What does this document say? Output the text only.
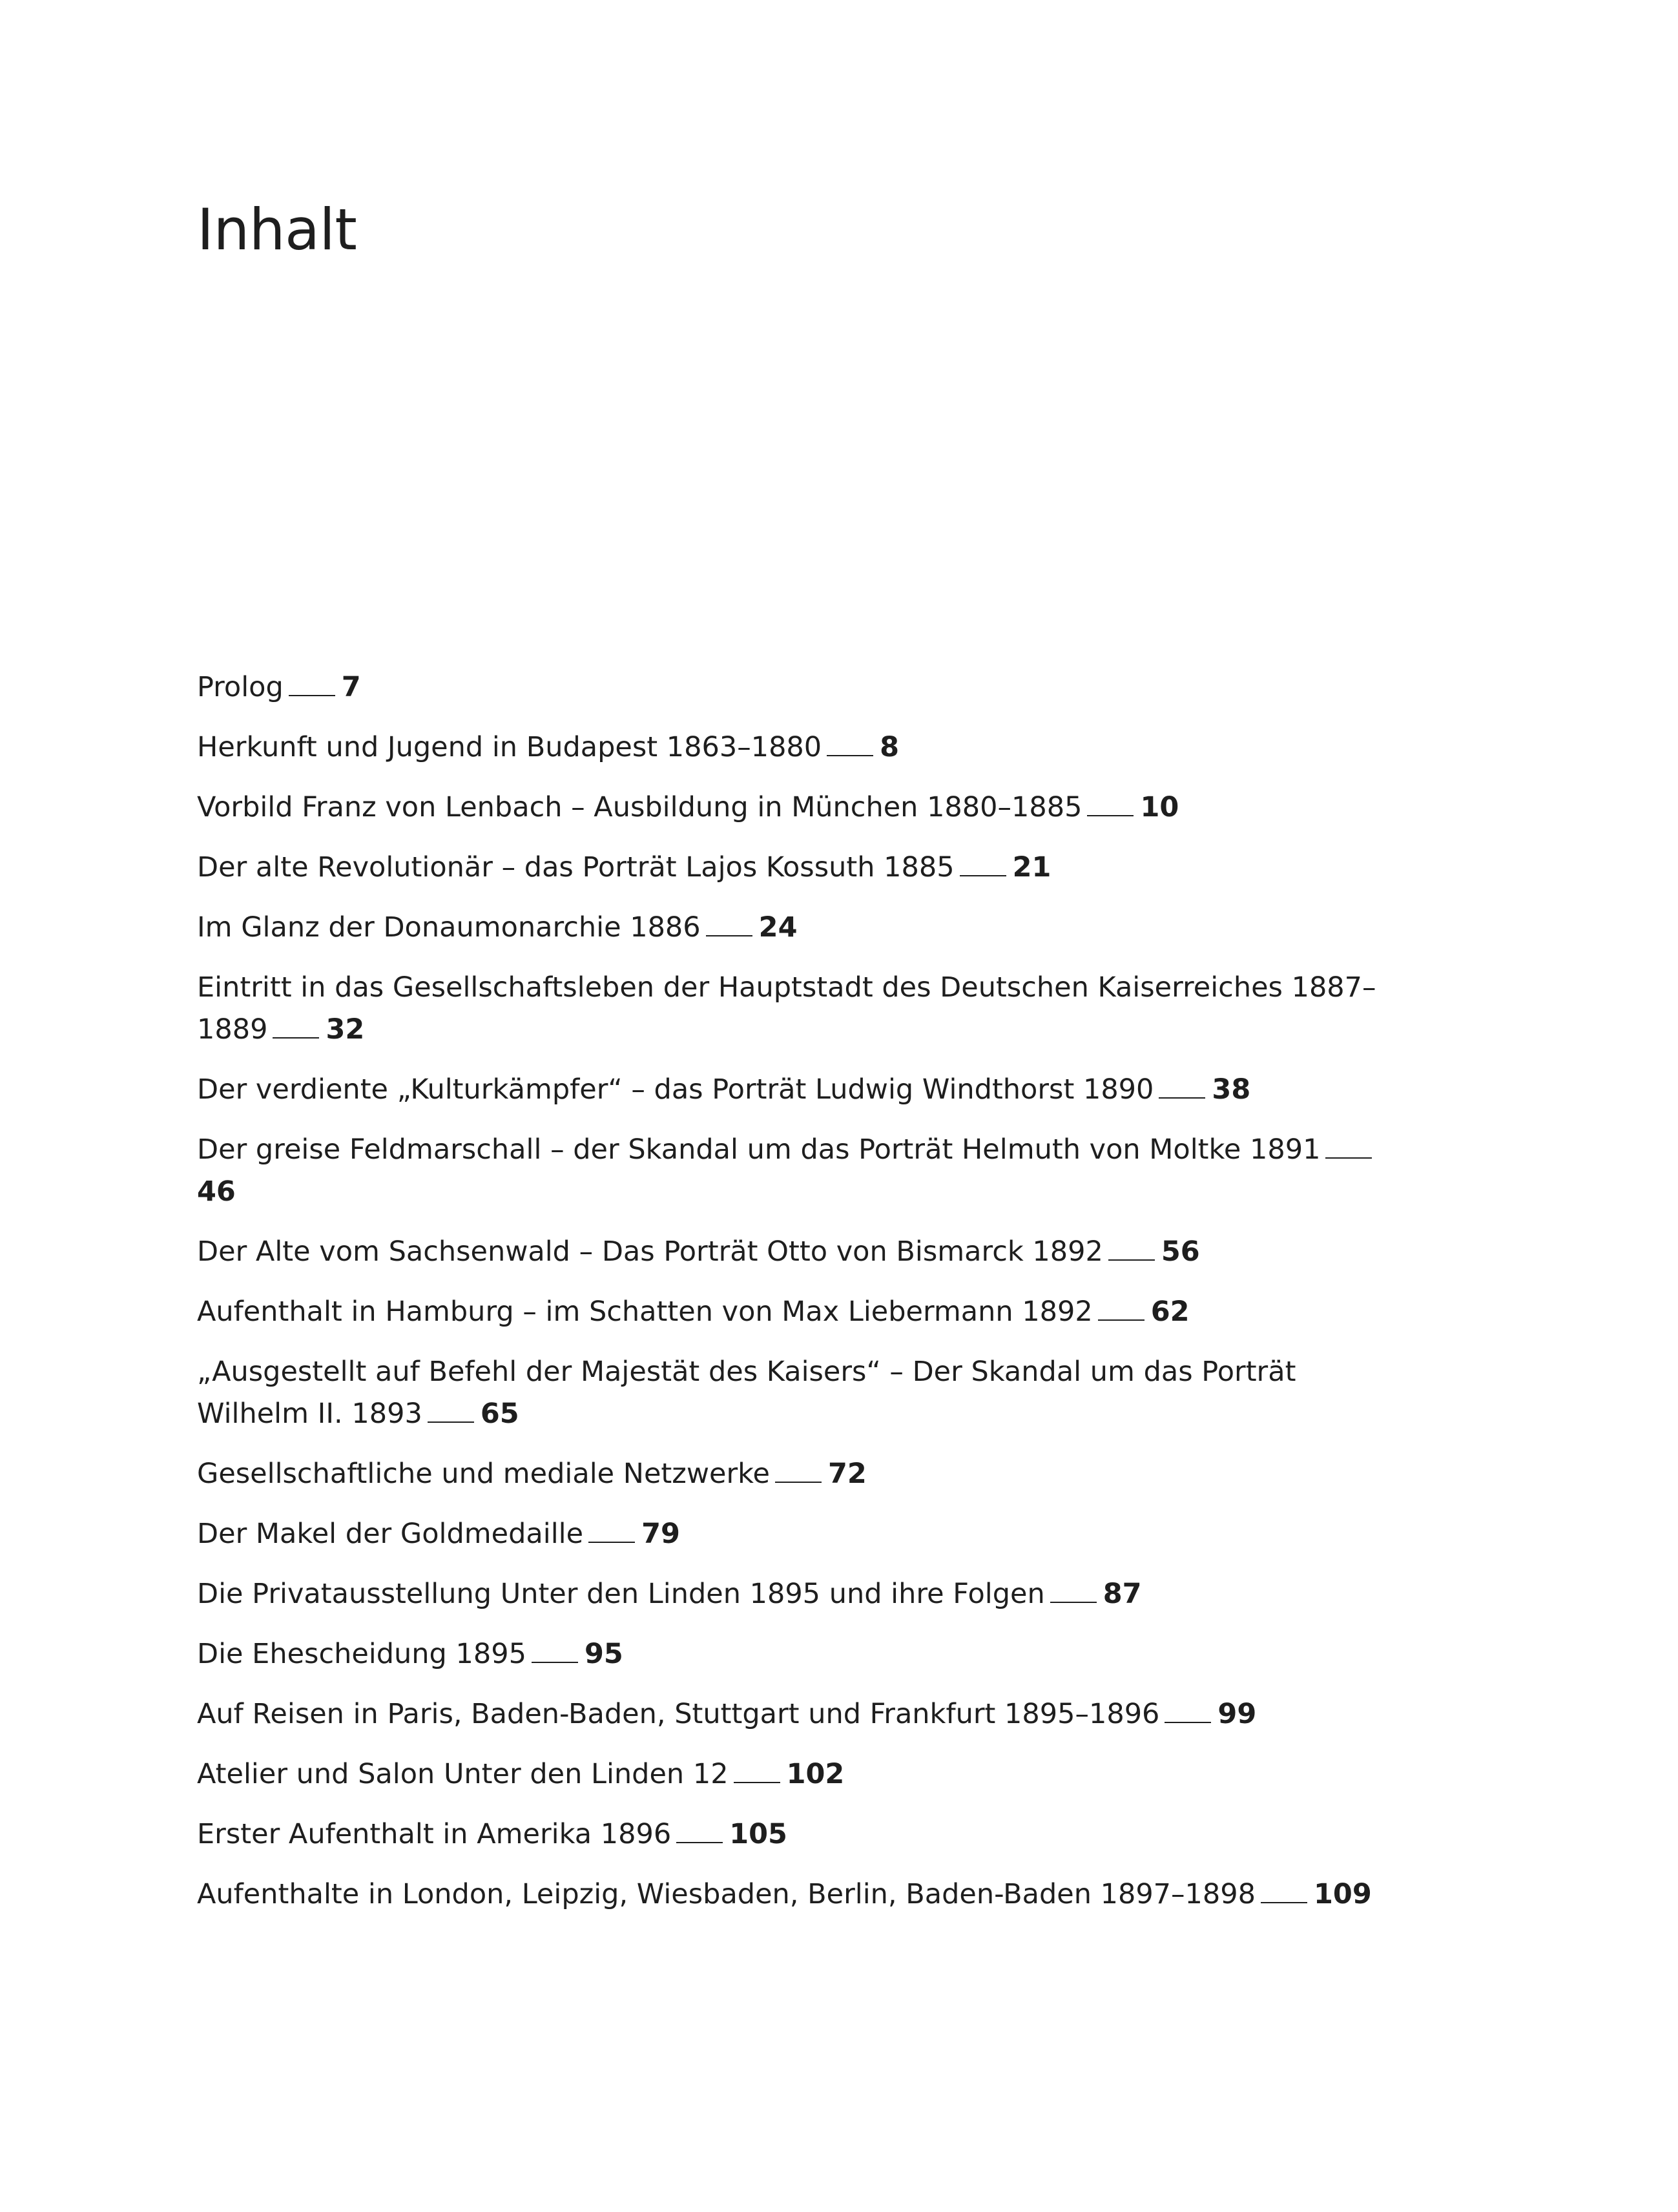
Inhalt
Prolog 7
Herkunft und Jugend in Budapest 1863–1880 8
Vorbild Franz von Lenbach – Ausbildung in München 1880–1885 10
Der alte Revolutionär – das Porträt Lajos Kossuth 1885 21
Im Glanz der Donaumonarchie 1886 24
Eintritt in das Gesellschaftsleben der Hauptstadt des Deutschen Kaiserreiches 1887–1889 32
Der verdiente „Kulturkämpfer“ – das Porträt Ludwig Windthorst 1890 38
Der greise Feldmarschall – der Skandal um das Porträt Helmuth von Moltke 189146
Der Alte vom Sachsenwald – Das Porträt Otto von Bismarck 1892 56
Aufenthalt in Hamburg – im Schatten von Max Liebermann 1892 62
„Ausgestellt auf Befehl der Majestät des Kaisers“ – Der Skandal um das Porträt Wilhelm II. 1893 65
Gesellschaftliche und mediale Netzwerke 72
Der Makel der Goldmedaille 79
Die Privatausstellung Unter den Linden 1895 und ihre Folgen 87
Die Ehescheidung 1895 95
Auf Reisen in Paris, Baden-Baden, Stuttgart und Frankfurt 1895–1896 99
Atelier und Salon Unter den Linden 12 102
Erster Aufenthalt in Amerika 1896 105
Aufenthalte in London, Leipzig, Wiesbaden, Berlin, Baden-Baden 1897–1898 109
